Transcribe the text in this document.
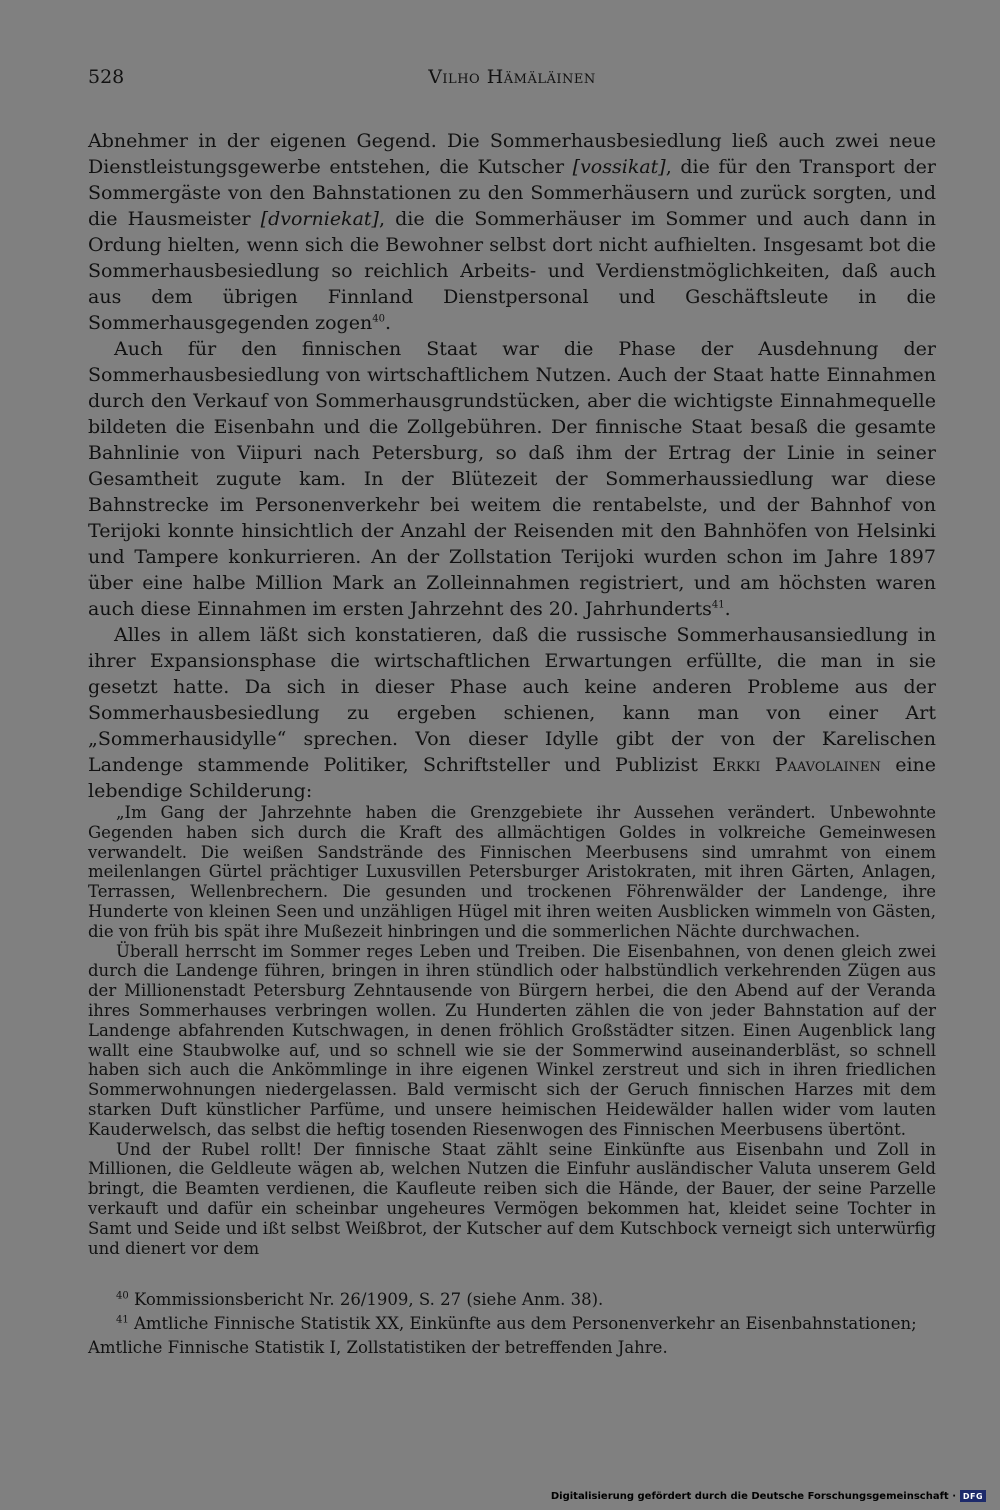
528	Vilho Hämäläinen

Abnehmer in der eigenen Gegend. Die Sommerhausbesiedlung ließ auch zwei neue Dienstleistungsgewerbe entstehen, die Kutscher [vossikat], die für den Transport der Sommergäste von den Bahnstationen zu den Sommerhäusern und zurück sorgten, und die Hausmeister [dvorniekat], die die Sommerhäuser im Sommer und auch dann in Ordung hielten, wenn sich die Bewohner selbst dort nicht aufhielten. Insgesamt bot die Sommerhausbesiedlung so reichlich Arbeits- und Verdienstmöglichkeiten, daß auch aus dem übrigen Finnland Dienstpersonal und Geschäftsleute in die Sommerhausgegenden zogen$^{40}$.

Auch für den finnischen Staat war die Phase der Ausdehnung der Sommerhausbesiedlung von wirtschaftlichem Nutzen. Auch der Staat hatte Einnahmen durch den Verkauf von Sommerhausgrundstücken, aber die wichtigste Einnahmequelle bildeten die Eisenbahn und die Zollgebühren. Der finnische Staat besaß die gesamte Bahnlinie von Viipuri nach Petersburg, so daß ihm der Ertrag der Linie in seiner Gesamtheit zugute kam. In der Blütezeit der Sommerhaussiedlung war diese Bahnstrecke im Personenverkehr bei weitem die rentabelste, und der Bahnhof von Terijoki konnte hinsichtlich der Anzahl der Reisenden mit den Bahnhöfen von Helsinki und Tampere konkurrieren. An der Zollstation Terijoki wurden schon im Jahre 1897 über eine halbe Million Mark an Zolleinnahmen registriert, und am höchsten waren auch diese Einnahmen im ersten Jahrzehnt des 20. Jahrhunderts$^{41}$.

Alles in allem läßt sich konstatieren, daß die russische Sommerhausansiedlung in ihrer Expansionsphase die wirtschaftlichen Erwartungen erfüllte, die man in sie gesetzt hatte. Da sich in dieser Phase auch keine anderen Probleme aus der Sommerhausbesiedlung zu ergeben schienen, kann man von einer Art „Sommerhausidylle“ sprechen. Von dieser Idylle gibt der von der Karelischen Landenge stammende Politiker, Schriftsteller und Publizist Erkki Paavolainen eine lebendige Schilderung:

„Im Gang der Jahrzehnte haben die Grenzgebiete ihr Aussehen verändert. Unbewohnte Gegenden haben sich durch die Kraft des allmächtigen Goldes in volkreiche Gemeinwesen verwandelt. Die weißen Sandstrände des Finnischen Meerbusens sind umrahmt von einem meilenlangen Gürtel prächtiger Luxusvillen Petersburger Aristokraten, mit ihren Gärten, Anlagen, Terrassen, Wellenbrechern. Die gesunden und trockenen Föhrenwälder der Landenge, ihre Hunderte von kleinen Seen und unzähligen Hügel mit ihren weiten Ausblicken wimmeln von Gästen, die von früh bis spät ihre Mußezeit hinbringen und die sommerlichen Nächte durchwachen.

Überall herrscht im Sommer reges Leben und Treiben. Die Eisenbahnen, von denen gleich zwei durch die Landenge führen, bringen in ihren stündlich oder halbstündlich verkehrenden Zügen aus der Millionenstadt Petersburg Zehntausende von Bürgern herbei, die den Abend auf der Veranda ihres Sommerhauses verbringen wollen. Zu Hunderten zählen die von jeder Bahnstation auf der Landenge abfahrenden Kutschwagen, in denen fröhlich Großstädter sitzen. Einen Augenblick lang wallt eine Staubwolke auf, und so schnell wie sie der Sommerwind auseinanderbläst, so schnell haben sich auch die Ankömmlinge in ihre eigenen Winkel zerstreut und sich in ihren friedlichen Sommerwohnungen niedergelassen. Bald vermischt sich der Geruch finnischen Harzes mit dem starken Duft künstlicher Parfüme, und unsere heimischen Heidewälder hallen wider vom lauten Kauderwelsch, das selbst die heftig tosenden Riesenwogen des Finnischen Meerbusens übertönt.

Und der Rubel rollt! Der finnische Staat zählt seine Einkünfte aus Eisenbahn und Zoll in Millionen, die Geldleute wägen ab, welchen Nutzen die Einfuhr ausländischer Valuta unserem Geld bringt, die Beamten verdienen, die Kaufleute reiben sich die Hände, der Bauer, der seine Parzelle verkauft und dafür ein scheinbar ungeheures Vermögen bekommen hat, kleidet seine Tochter in Samt und Seide und ißt selbst Weißbrot, der Kutscher auf dem Kutschbock verneigt sich unterwürfig und dienert vor dem

$^{40}$ Kommissionsbericht Nr. 26/1909, S. 27 (siehe Anm. 38).

$^{41}$ Amtliche Finnische Statistik XX, Einkünfte aus dem Personenverkehr an Eisenbahnstationen; Amtliche Finnische Statistik I, Zollstatistiken der betreffenden Jahre.

Digitalisierung gefördert durch die Deutsche Forschungsgemeinschaft · DFG
